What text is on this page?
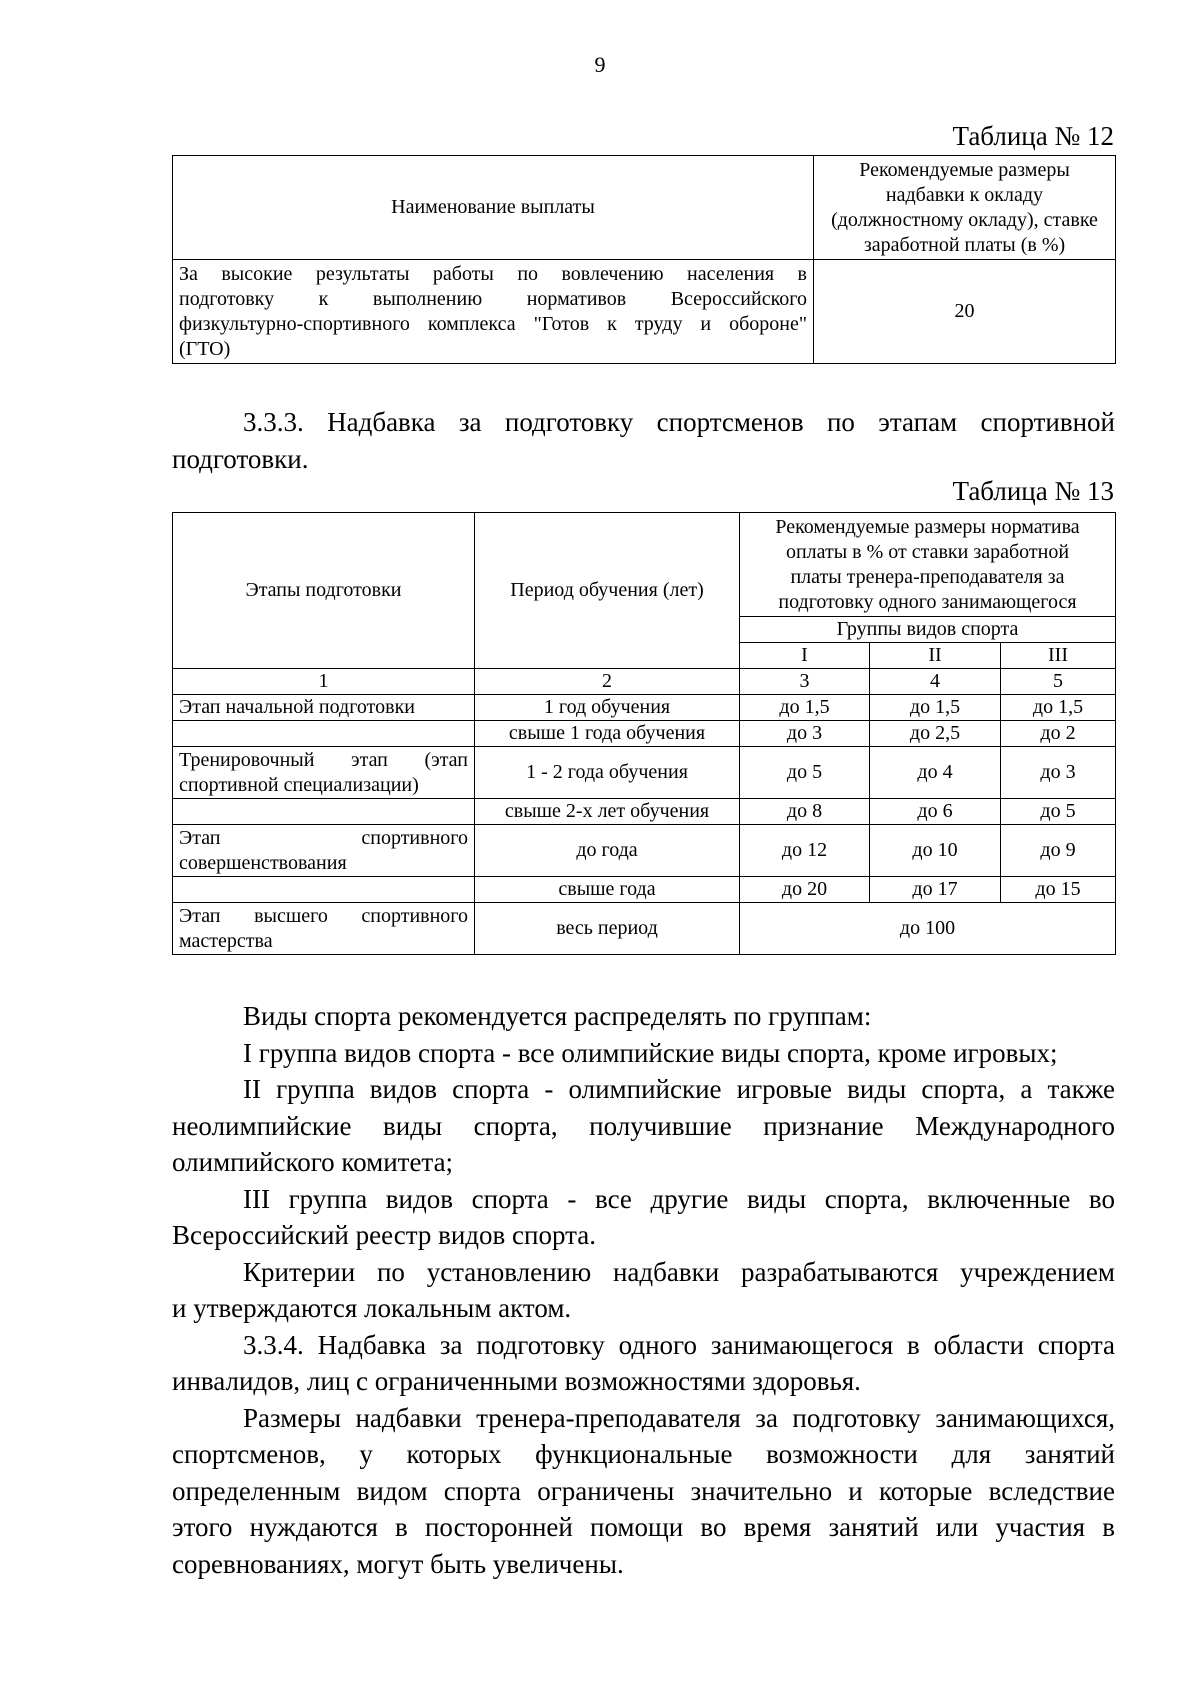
9
Таблица № 12
Наименование выплаты	Рекомендуемые размеры
надбавки к окладу
(должностному окладу), ставке
заработной платы (в %)

За высокие результаты работы по вовлечению населения в
подготовку к выполнению нормативов Всероссийского
физкультурно-спортивного комплекса "Готов к труду и обороне"
(ГТО)	20

3.3.3. Надбавка за подготовку спортсменов по этапам спортивной
подготовки.

Таблица № 13
Этапы подготовки	Период обучения (лет)	Рекомендуемые размеры норматива
оплаты в % от ставки заработной
платы тренера-преподавателя за
подготовку одного занимающегося		

		Группы видов спорта		
		I	II	III
1	2	3	4	5
Этап начальной подготовки	1 год обучения	до 1,5	до 1,5	до 1,5
	свыше 1 года обучения	до 3	до 2,5	до 2

Тренировочный этап (этап
спортивной специализации)	1 - 2 года обучения	до 5	до 4	до 3
	свыше 2-х лет обучения	до 8	до 6	до 5

Этап спортивного
совершенствования	до года	до 12	до 10	до 9
	свыше года	до 20	до 17	до 15

Этап высшего спортивного
мастерства	весь период	до 100		

Виды спорта рекомендуется распределять по группам:

I группа видов спорта - все олимпийские виды спорта, кроме игровых;

II группа видов спорта - олимпийские игровые виды спорта, а также
неолимпийские виды спорта, получившие признание Международного
олимпийского комитета;

III группа видов спорта - все другие виды спорта, включенные во
Всероссийский реестр видов спорта.

Критерии по установлению надбавки разрабатываются учреждением
и утверждаются локальным актом.

3.3.4. Надбавка за подготовку одного занимающегося в области спорта
инвалидов, лиц с ограниченными возможностями здоровья.

Размеры надбавки тренера-преподавателя за подготовку занимающихся,
спортсменов, у которых функциональные возможности для занятий
определенным видом спорта ограничены значительно и которые вследствие
этого нуждаются в посторонней помощи во время занятий или участия в
соревнованиях, могут быть увеличены.
